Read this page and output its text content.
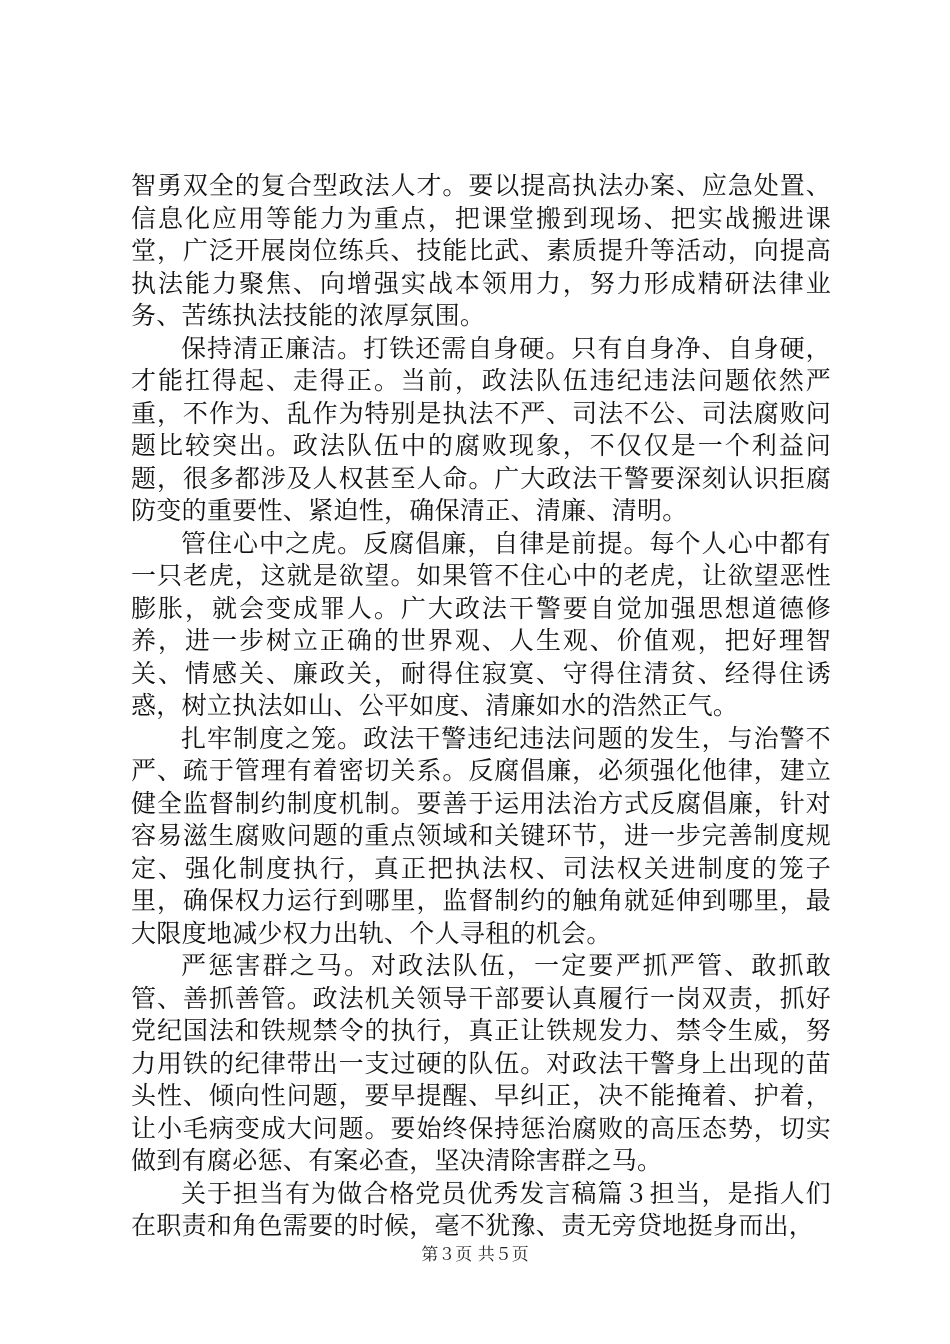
智勇双全的复合型政法人才。要以提高执法办案、应急处置、信息化应用等能力为重点，把课堂搬到现场、把实战搬进课堂，广泛开展岗位练兵、技能比武、素质提升等活动，向提高执法能力聚焦、向增强实战本领用力，努力形成精研法律业务、苦练执法技能的浓厚氛围。

保持清正廉洁。打铁还需自身硬。只有自身净、自身硬，才能扛得起、走得正。当前，政法队伍违纪违法问题依然严重，不作为、乱作为特别是执法不严、司法不公、司法腐败问题比较突出。政法队伍中的腐败现象，不仅仅是一个利益问题，很多都涉及人权甚至人命。广大政法干警要深刻认识拒腐防变的重要性、紧迫性，确保清正、清廉、清明。

管住心中之虎。反腐倡廉，自律是前提。每个人心中都有一只老虎，这就是欲望。如果管不住心中的老虎，让欲望恶性膨胀，就会变成罪人。广大政法干警要自觉加强思想道德修养，进一步树立正确的世界观、人生观、价值观，把好理智关、情感关、廉政关，耐得住寂寞、守得住清贫、经得住诱惑，树立执法如山、公平如度、清廉如水的浩然正气。

扎牢制度之笼。政法干警违纪违法问题的发生，与治警不严、疏于管理有着密切关系。反腐倡廉，必须强化他律，建立健全监督制约制度机制。要善于运用法治方式反腐倡廉，针对容易滋生腐败问题的重点领域和关键环节，进一步完善制度规定、强化制度执行，真正把执法权、司法权关进制度的笼子里，确保权力运行到哪里，监督制约的触角就延伸到哪里，最大限度地减少权力出轨、个人寻租的机会。

严惩害群之马。对政法队伍，一定要严抓严管、敢抓敢管、善抓善管。政法机关领导干部要认真履行一岗双责，抓好党纪国法和铁规禁令的执行，真正让铁规发力、禁令生威，努力用铁的纪律带出一支过硬的队伍。对政法干警身上出现的苗头性、倾向性问题，要早提醒、早纠正，决不能掩着、护着，让小毛病变成大问题。要始终保持惩治腐败的高压态势，切实做到有腐必惩、有案必查，坚决清除害群之马。

关于担当有为做合格党员优秀发言稿篇３担当，是指人们在职责和角色需要的时候，毫不犹豫、责无旁贷地挺身而出，

第３页 共５页
